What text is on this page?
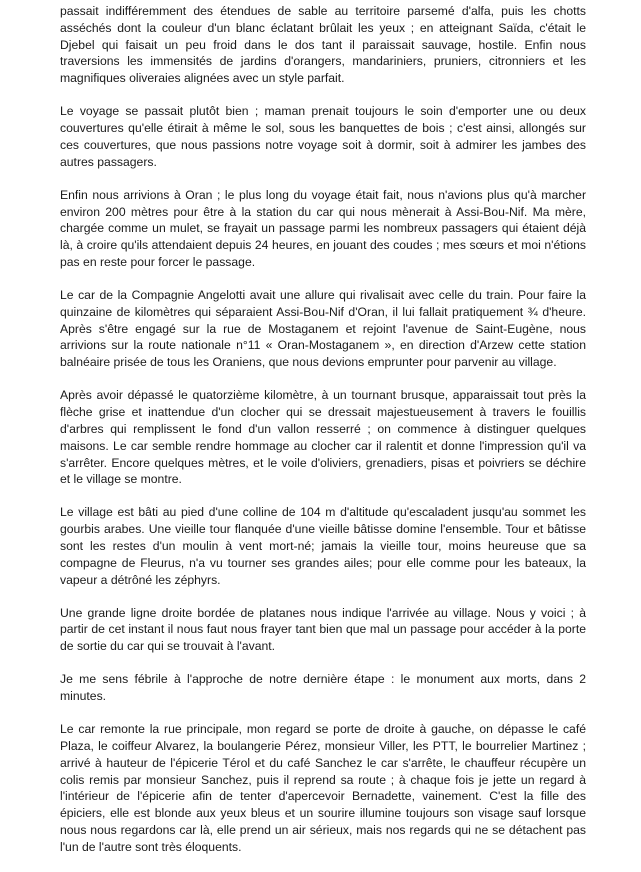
passait indifféremment des étendues de sable au territoire parsemé d'alfa, puis les chotts asséchés dont la couleur d'un blanc éclatant brûlait les yeux ; en atteignant Saïda, c'était le Djebel qui faisait un peu froid dans le dos tant il paraissait sauvage, hostile. Enfin nous traversions les immensités de jardins d'orangers, mandariniers, pruniers, citronniers et les magnifiques oliveraies alignées avec un style parfait.

Le voyage se passait plutôt bien ; maman prenait toujours le soin d'emporter une ou deux couvertures qu'elle étirait à même le sol, sous les banquettes de bois ; c'est ainsi, allongés sur ces couvertures, que nous passions notre voyage soit à dormir, soit à admirer les jambes des autres passagers.

Enfin nous arrivions à Oran ; le plus long du voyage était fait, nous n'avions plus qu'à marcher environ 200 mètres pour être à la station du car qui nous mènerait à Assi-Bou-Nif. Ma mère, chargée comme un mulet, se frayait un passage parmi les nombreux passagers qui étaient déjà là, à croire qu'ils attendaient depuis 24 heures, en jouant des coudes ; mes sœurs et moi n'étions pas en reste pour forcer le passage.

Le car de la Compagnie Angelotti avait une allure qui rivalisait avec celle du train. Pour faire la quinzaine de kilomètres qui séparaient Assi-Bou-Nif d'Oran, il lui fallait pratiquement ¾ d'heure. Après s'être engagé sur la rue de Mostaganem et rejoint l'avenue de Saint-Eugène, nous arrivions sur la route nationale n°11 « Oran-Mostaganem », en direction d'Arzew cette station balnéaire prisée de tous les Oraniens, que nous devions emprunter pour parvenir au village.

Après avoir dépassé le quatorzième kilomètre, à un tournant brusque, apparaissait tout près la flèche grise et inattendue d'un clocher qui se dressait majestueusement à travers le fouillis d'arbres qui remplissent le fond d'un vallon resserré ; on commence à distinguer quelques maisons. Le car semble rendre hommage au clocher car il ralentit et donne l'impression qu'il va s'arrêter. Encore quelques mètres, et le voile d'oliviers, grenadiers, pisas et poivriers se déchire et le village se montre.

Le village est bâti au pied d'une colline de 104 m d'altitude qu'escaladent jusqu'au sommet les gourbis arabes. Une vieille tour flanquée d'une vieille bâtisse domine l'ensemble. Tour et bâtisse sont les restes d'un moulin à vent mort-né; jamais la vieille tour, moins heureuse que sa compagne de Fleurus, n'a vu tourner ses grandes ailes; pour elle comme pour les bateaux, la vapeur a détrôné les zéphyrs.

Une grande ligne droite bordée de platanes nous indique l'arrivée au village. Nous y voici ; à partir de cet instant il nous faut nous frayer tant bien que mal un passage pour accéder à la porte de sortie du car qui se trouvait à l'avant.

Je me sens fébrile à l'approche de notre dernière étape : le monument aux morts, dans 2 minutes.

Le car remonte la rue principale, mon regard se porte de droite à gauche, on dépasse le café Plaza, le coiffeur Alvarez, la boulangerie Pérez, monsieur Viller, les PTT, le bourrelier Martinez ; arrivé à hauteur de l'épicerie Térol et du café Sanchez le car s'arrête, le chauffeur récupère un colis remis par monsieur Sanchez, puis il reprend sa route ; à chaque fois je jette un regard à l'intérieur de l'épicerie afin de tenter d'apercevoir Bernadette, vainement. C'est la fille des épiciers, elle est blonde aux yeux bleus et un sourire illumine toujours son visage sauf lorsque nous nous regardons car là, elle prend un air sérieux, mais nos regards qui ne se détachent pas l'un de l'autre sont très éloquents.
